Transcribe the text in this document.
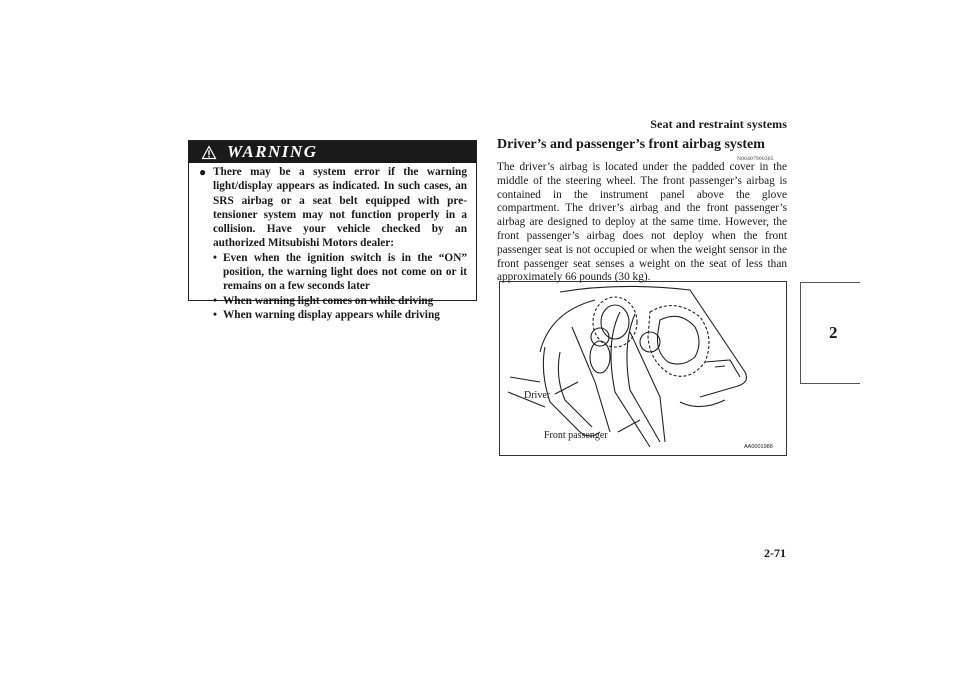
Seat and restraint systems
2
WARNING
● There may be a system error if the warning light/display appears as indicated. In such cases, an SRS airbag or a seat belt equipped with pre-tensioner system may not function properly in a collision. Have your vehicle checked by an authorized Mitsubishi Motors dealer:
• Even when the ignition switch is in the “ON” position, the warning light does not come on or it remains on a few seconds later
• When warning light comes on while driving
• When warning display appears while driving
Driver’s and passenger’s front airbag system
N00407900305

The driver’s airbag is located under the padded cover in the middle of the steering wheel. The front passenger’s airbag is contained in the instrument panel above the glove compartment. The driver’s airbag and the front passenger’s airbag are designed to deploy at the same time. However, the front passenger’s airbag does not deploy when the front passenger seat is not occupied or when the weight sensor in the front passenger seat senses a weight on the seat of less than approximately 66 pounds (30 kg).

Driver
Front passenger
AA0001988
2-71
